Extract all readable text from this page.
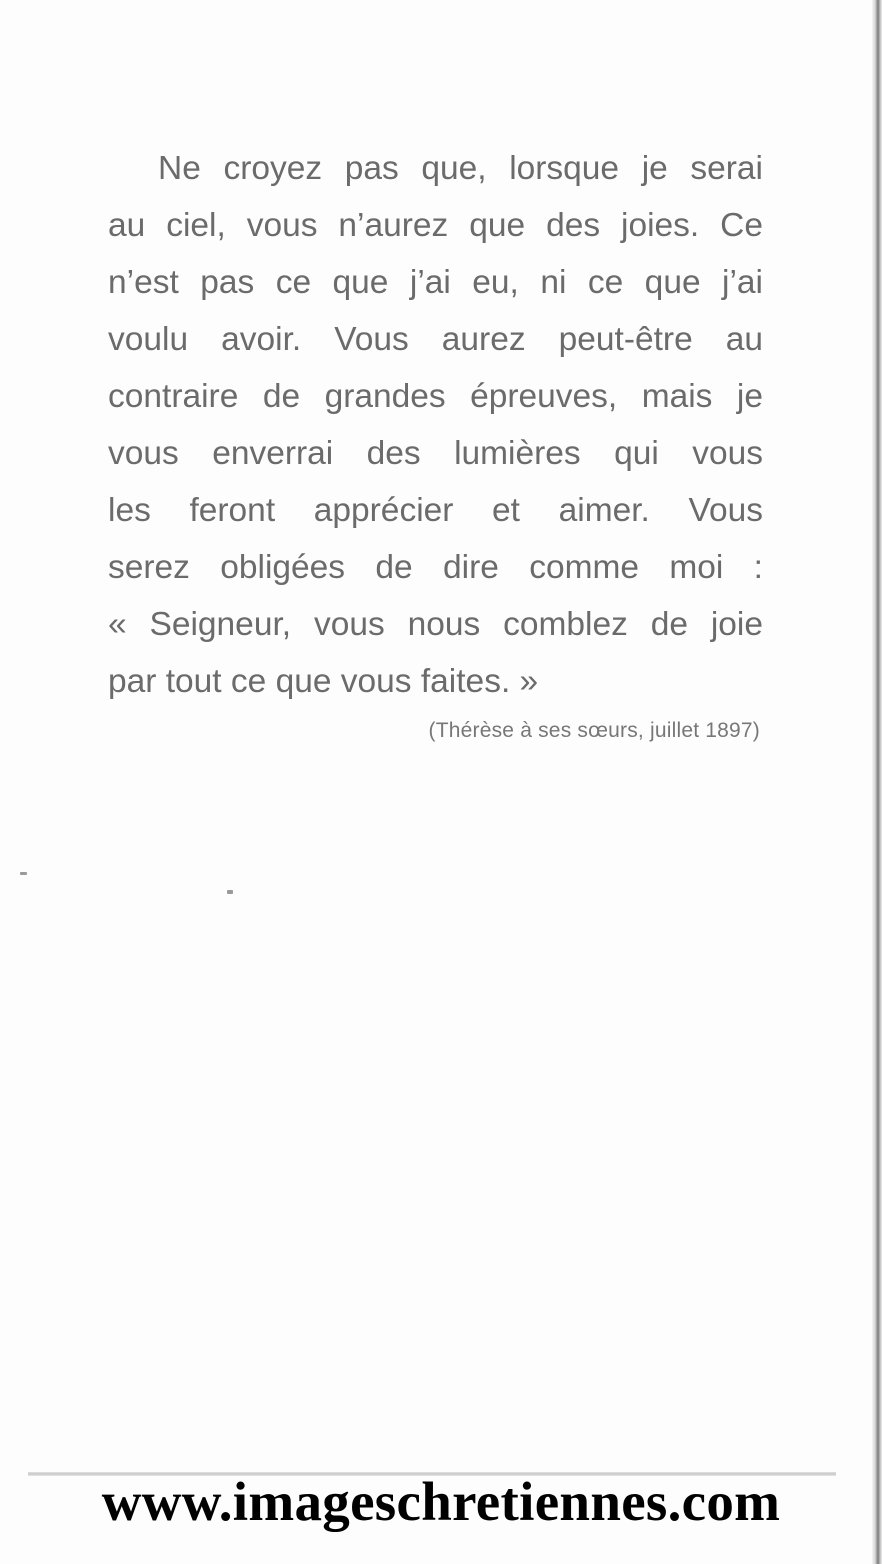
Ne croyez pas que, lorsque je serai
au ciel, vous n’aurez que des joies. Ce
n’est pas ce que j’ai eu, ni ce que j’ai
voulu avoir. Vous aurez peut-être au
contraire de grandes épreuves, mais je
vous enverrai des lumières qui vous
les feront apprécier et aimer. Vous
serez obligées de dire comme moi :
« Seigneur, vous nous comblez de joie
par tout ce que vous faites. »
(Thérèse à ses sœurs, juillet 1897)
www.imageschretiennes.com
